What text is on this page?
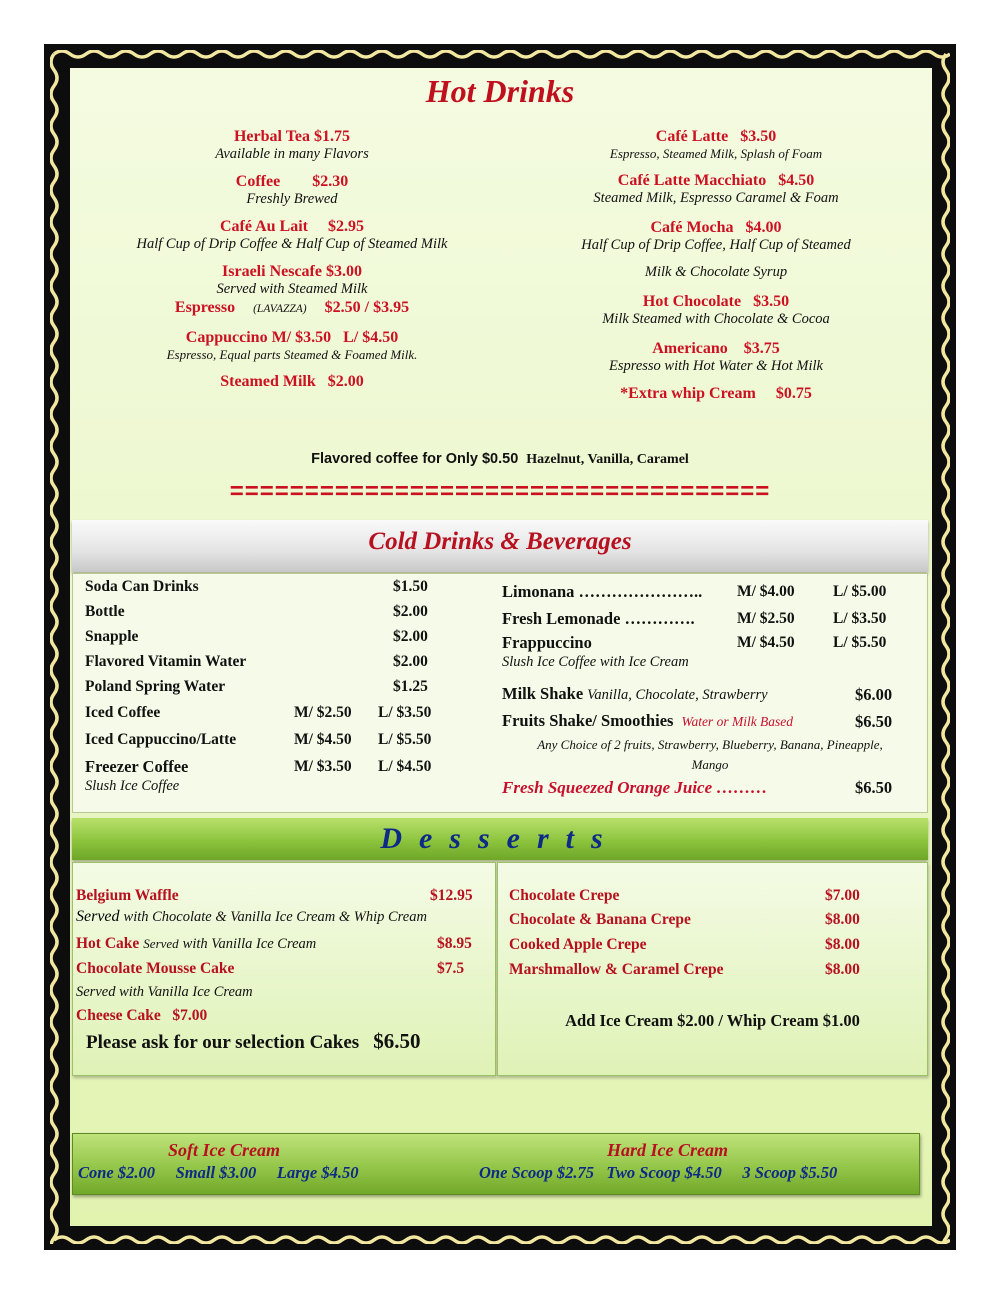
Hot Drinks
Herbal Tea $1.75
Available in many Flavors
Coffee        $2.30
Freshly Brewed
Café Au Lait     $2.95
Half Cup of Drip Coffee & Half Cup of Steamed Milk
Israeli Nescafe $3.00
Served with Steamed Milk
Espresso (LAVAZZA) $2.50 / $3.95
Cappuccino M/ $3.50   L/ $4.50
Espresso, Equal parts Steamed & Foamed Milk.
Steamed Milk   $2.00
Café Latte   $3.50
Espresso, Steamed Milk, Splash of Foam
Café Latte Macchiato   $4.50
Steamed Milk, Espresso Caramel & Foam
Café Mocha   $4.00
Half Cup of Drip Coffee, Half Cup of Steamed
Milk & Chocolate Syrup
Hot Chocolate   $3.50
Milk Steamed with Chocolate & Cocoa
Americano    $3.75
Espresso with Hot Water & Hot Milk
*Extra whip Cream     $0.75
Flavored coffee for Only $0.50 Hazelnut, Vanilla, Caramel
====================================
Cold Drinks & Beverages
Soda Can Drinks	$1.50
Bottle	$2.00
Snapple	$2.00
Flavored Vitamin Water	$2.00
Poland Spring Water	$1.25
Iced Coffee	M/ $2.50 L/ $3.50
Iced Cappuccino/Latte	M/ $4.50 L/ $5.50
Freezer Coffee	M/ $3.50 L/ $4.50
Slush Ice Coffee
Limonana ………………….. M/ $4.00 L/ $5.00
Fresh Lemonade ………….	M/ $2.50 L/ $3.50
Frappuccino	M/ $4.50 L/ $5.50
Slush Ice Coffee with Ice Cream
Milk Shake Vanilla, Chocolate, Strawberry	$6.00
Fruits Shake/ Smoothies Water or Milk Based	$6.50
Any Choice of 2 fruits, Strawberry, Blueberry, Banana, Pineapple,
Mango
Fresh Squeezed Orange Juice ………	$6.50
Desserts
Belgium Waffle	$12.95
Served with Chocolate & Vanilla Ice Cream & Whip Cream
Hot Cake Served with Vanilla Ice Cream	$8.95
Chocolate Mousse Cake	$7.5
Served with Vanilla Ice Cream
Cheese Cake   $7.00
Please ask for our selection Cakes $6.50
Chocolate Crepe	$7.00
Chocolate & Banana Crepe	$8.00
Cooked Apple Crepe	$8.00
Marshmallow & Caramel Crepe	$8.00
Add Ice Cream $2.00 / Whip Cream $1.00
Soft Ice Cream
Cone $2.00     Small $3.00     Large $4.50
Hard Ice Cream
One Scoop $2.75   Two Scoop $4.50     3 Scoop $5.50
